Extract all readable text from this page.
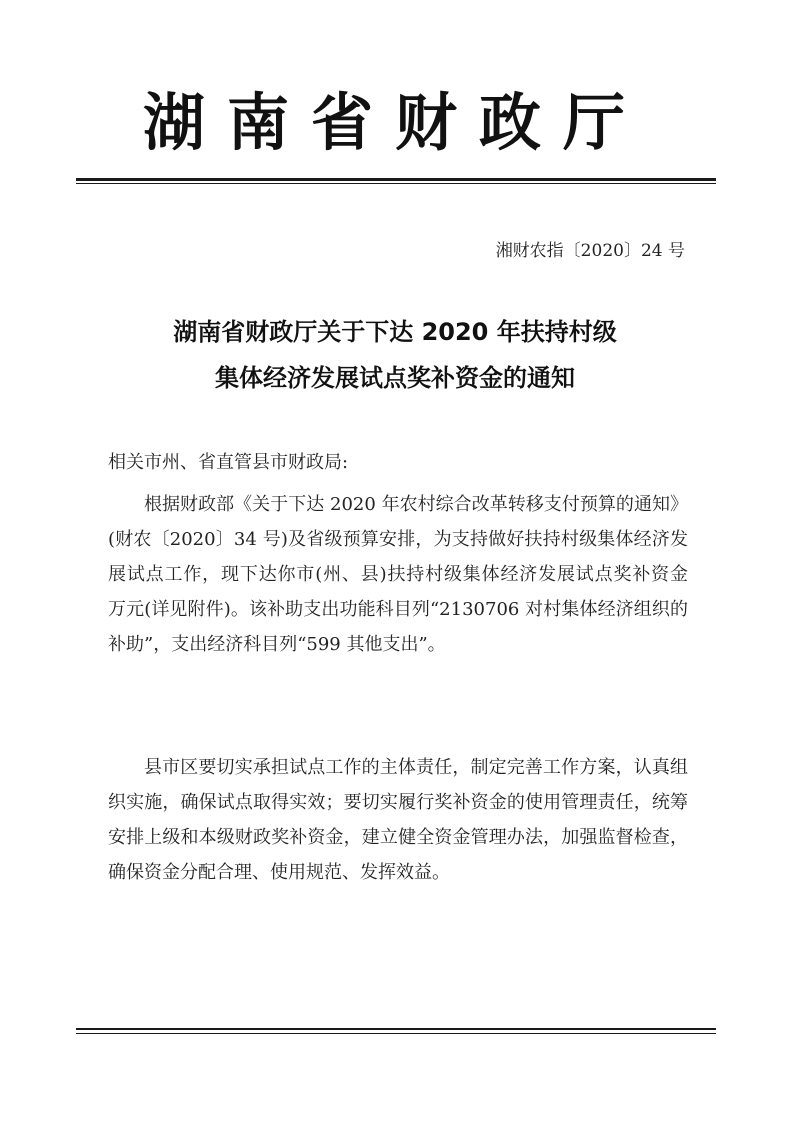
湖南省财政厅
湘财农指〔2020〕24 号
湖南省财政厅关于下达 2020 年扶持村级
集体经济发展试点奖补资金的通知
相关市州、省直管县市财政局:

根据财政部《关于下达 2020 年农村综合改革转移支付预算的通知》(财农〔2020〕34 号)及省级预算安排，为支持做好扶持村级集体经济发展试点工作，现下达你市(州、县)扶持村级集体经济发展试点奖补资金　　万元(详见附件)。该补助支出功能科目列“2130706 对村集体经济组织的补助”，支出经济科目列“599 其他支出”。

县市区要切实承担试点工作的主体责任，制定完善工作方案，认真组织实施，确保试点取得实效；要切实履行奖补资金的使用管理责任，统筹安排上级和本级财政奖补资金，建立健全资金管理办法，加强监督检查，确保资金分配合理、使用规范、发挥效益。
